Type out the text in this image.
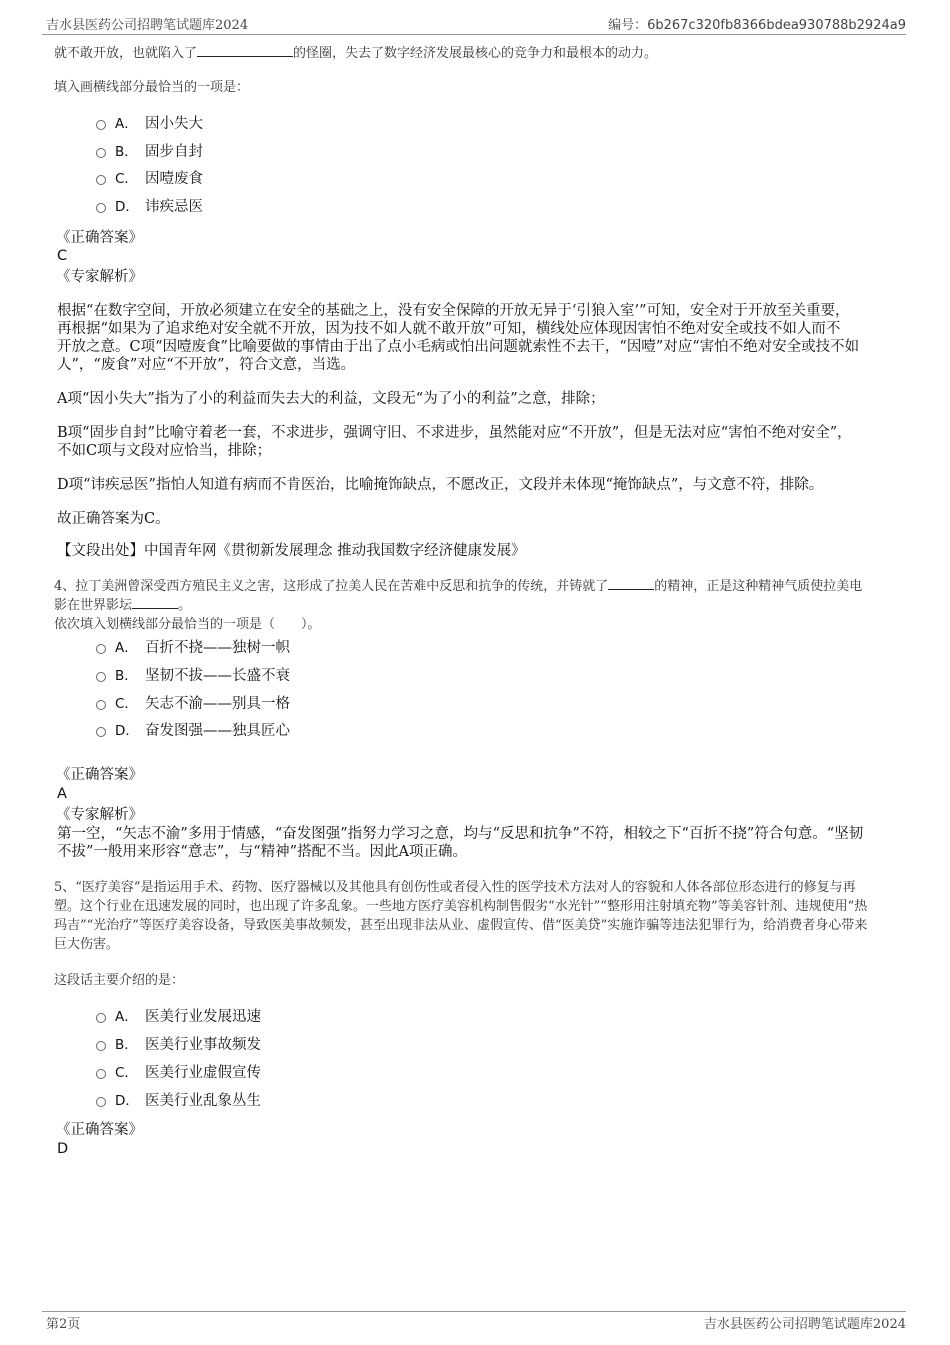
吉水县医药公司招聘笔试题库2024	编号：6b267c320fb8366bdea930788b2924a9
就不敢开放，也就陷入了	的怪圈，失去了数字经济发展最核心的竞争力和最根本的动力。
填入画横线部分最恰当的一项是：
A． 因小失大
B． 固步自封
C． 因噎废食
D． 讳疾忌医
《正确答案》
C
《专家解析》
根据“在数字空间，开放必须建立在安全的基础之上，没有安全保障的开放无异于‘引狼入室’”可知，安全对于开放至关重要，
再根据“如果为了追求绝对安全就不开放，因为技不如人就不敢开放”可知，横线处应体现因害怕不绝对安全或技不如人而不
开放之意。C项“因噎废食”比喻要做的事情由于出了点小毛病或怕出问题就索性不去干，“因噎”对应“害怕不绝对安全或技不如
人”，“废食”对应“不开放”，符合文意，当选。
A项“因小失大”指为了小的利益而失去大的利益，文段无“为了小的利益”之意，排除；
B项“固步自封”比喻守着老一套，不求进步，强调守旧、不求进步，虽然能对应“不开放”，但是无法对应“害怕不绝对安全”，
不如C项与文段对应恰当，排除；
D项“讳疾忌医”指怕人知道有病而不肯医治，比喻掩饰缺点，不愿改正，文段并未体现“掩饰缺点”，与文意不符，排除。
故正确答案为C。
【文段出处】中国青年网《贯彻新发展理念 推动我国数字经济健康发展》
4、拉丁美洲曾深受西方殖民主义之害，这形成了拉美人民在苦难中反思和抗争的传统，并铸就了	的精神，正是这种精神气质使拉美电
影在世界影坛	。
依次填入划横线部分最恰当的一项是（　　）。
A． 百折不挠——独树一帜
B． 坚韧不拔——长盛不衰
C． 矢志不渝——别具一格
D． 奋发图强——独具匠心
《正确答案》
A
《专家解析》
第一空，“矢志不渝”多用于情感，“奋发图强”指努力学习之意，均与“反思和抗争”不符，相较之下“百折不挠”符合句意。“坚韧
不拔”一般用来形容“意志”，与“精神”搭配不当。因此A项正确。
5、“医疗美容”是指运用手术、药物、医疗器械以及其他具有创伤性或者侵入性的医学技术方法对人的容貌和人体各部位形态进行的修复与再
塑。这个行业在迅速发展的同时，也出现了许多乱象。一些地方医疗美容机构制售假劣“水光针”“整形用注射填充物”等美容针剂、违规使用“热
玛吉”“光治疗”等医疗美容设备，导致医美事故频发，甚至出现非法从业、虚假宣传、借“医美贷”实施诈骗等违法犯罪行为，给消费者身心带来
巨大伤害。
这段话主要介绍的是：
A． 医美行业发展迅速
B． 医美行业事故频发
C． 医美行业虚假宣传
D． 医美行业乱象丛生
《正确答案》
D
第2页	吉水县医药公司招聘笔试题库2024
